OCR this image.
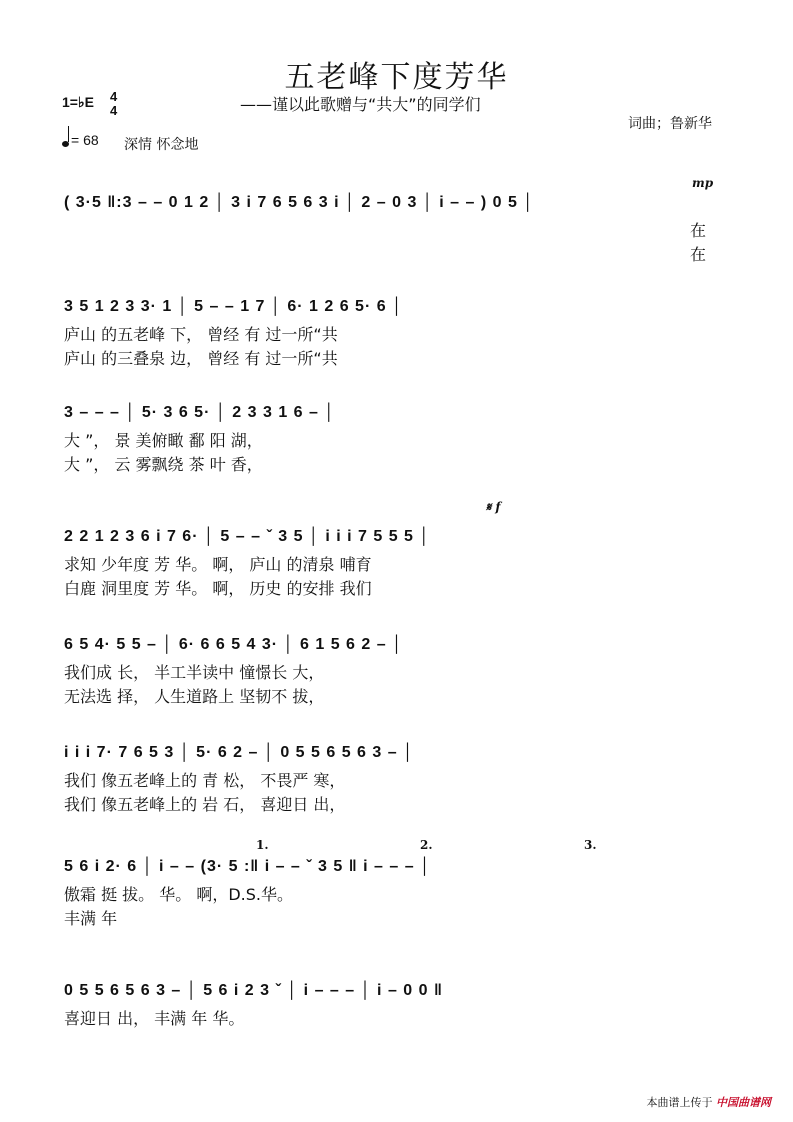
五老峰下度芳华
——谨以此歌赠与“共大”的同学们
词曲；鲁新华
1=♭E 4
4
= 68 深情 怀念地
mp
𝄋 f
1.	2.	3.
( 3·5 ‖:3 – – 0 1 2 │ 3 i 7 6 5 6 3 i │ 2 – 0 3 │ i – – ) 0 5 │
在
在
3 5 1 2 3 3· 1 │ 5 – – 1 7 │ 6· 1 2 6 5· 6 │
庐山 的五老峰 下， 曾经 有 过一所“共
庐山 的三叠泉 边， 曾经 有 过一所“共
3 – – – │ 5· 3 6 5· │ 2 3 3 1 6 – │
大 ”， 景 美俯瞰 鄱 阳 湖，
大 ”， 云 雾飘绕 茶 叶 香，
2 2 1 2 3 6 i 7 6· │ 5 – – ˇ 3 5 │ i i i 7 5 5 5 │
求知 少年度 芳 华。 啊， 庐山 的清泉 哺育
白鹿 洞里度 芳 华。 啊， 历史 的安排 我们
6 5 4· 5 5 – │ 6· 6 6 5 4 3· │ 6 1 5 6 2 – │
我们成 长， 半工半读中 憧憬长 大，
无法选 择， 人生道路上 坚韧不 拔，
i i i 7· 7 6 5 3 │ 5· 6 2 – │ 0 5 5 6 5 6 3 – │
我们 像五老峰上的 青 松， 不畏严 寒，
我们 像五老峰上的 岩 石， 喜迎日 出，
5 6 i 2· 6 │ i – – (3· 5 :‖ i – – ˇ 3 5 ‖ i – – – │
傲霜 挺 拔。 华。 啊，D.S.华。
丰满 年
0 5 5 6 5 6 3 – │ 5 6 i 2 3 ˇ │ i – – – │ i – 0 0 ‖
喜迎日 出， 丰满 年 华。
本曲谱上传于 中国曲谱网
